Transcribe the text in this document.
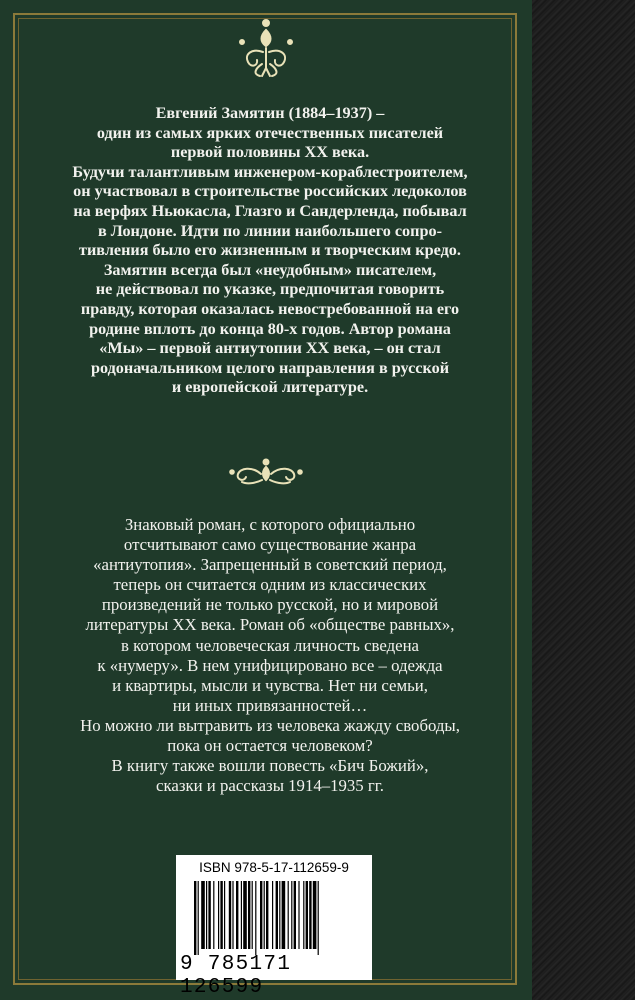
Евгений Замятин (1884–1937) –
один из самых ярких отечественных писателей
первой половины XX века.
Будучи талантливым инженером-кораблестроителем,
он участвовал в строительстве российских ледоколов
на верфях Ньюкасла, Глазго и Сандерленда, побывал
в Лондоне. Идти по линии наибольшего сопро-
тивления было его жизненным и творческим кредо.
Замятин всегда был «неудобным» писателем,
не действовал по указке, предпочитая говорить
правду, которая оказалась невостребованной на его
родине вплоть до конца 80-х годов. Автор романа
«Мы» – первой антиутопии XX века, – он стал
родоначальником целого направления в русской
и европейской литературе.

Знаковый роман, с которого официально
отсчитывают само существование жанра
«антиутопия». Запрещенный в советский период,
теперь он считается одним из классических
произведений не только русской, но и мировой
литературы XX века. Роман об «обществе равных»,
в котором человеческая личность сведена
к «нумеру». В нем унифицировано все – одежда
и квартиры, мысли и чувства. Нет ни семьи,
ни иных привязанностей…
Но можно ли вытравить из человека жажду свободы,
пока он остается человеком?
В книгу также вошли повесть «Бич Божий»,
сказки и рассказы 1914–1935 гг.

ISBN 978-5-17-112659-9
9 785171 126599
